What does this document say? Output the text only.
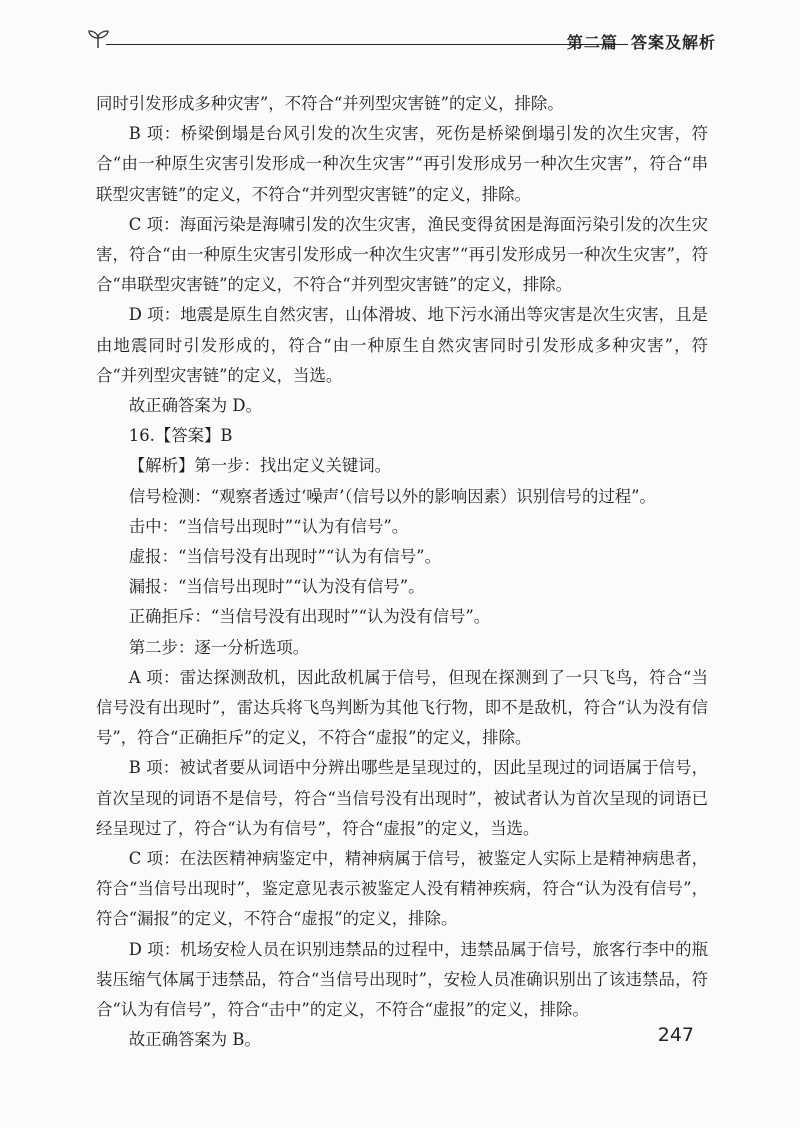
第二篇 答案及解析

同时引发形成多种灾害”，不符合“并列型灾害链”的定义，排除。

B 项：桥梁倒塌是台风引发的次生灾害，死伤是桥梁倒塌引发的次生灾害，符合“由一种原生灾害引发形成一种次生灾害”“再引发形成另一种次生灾害”，符合“串联型灾害链”的定义，不符合“并列型灾害链”的定义，排除。

C 项：海面污染是海啸引发的次生灾害，渔民变得贫困是海面污染引发的次生灾害，符合“由一种原生灾害引发形成一种次生灾害”“再引发形成另一种次生灾害”，符合“串联型灾害链”的定义，不符合“并列型灾害链”的定义，排除。

D 项：地震是原生自然灾害，山体滑坡、地下污水涌出等灾害是次生灾害，且是由地震同时引发形成的，符合“由一种原生自然灾害同时引发形成多种灾害”，符合“并列型灾害链”的定义，当选。

故正确答案为 D。

16.【答案】B

【解析】第一步：找出定义关键词。

信号检测：“观察者透过‘噪声’（信号以外的影响因素）识别信号的过程”。

击中：“当信号出现时”“认为有信号”。

虚报：“当信号没有出现时”“认为有信号”。

漏报：“当信号出现时”“认为没有信号”。

正确拒斥：“当信号没有出现时”“认为没有信号”。

第二步：逐一分析选项。

A 项：雷达探测敌机，因此敌机属于信号，但现在探测到了一只飞鸟，符合“当信号没有出现时”，雷达兵将飞鸟判断为其他飞行物，即不是敌机，符合“认为没有信号”，符合“正确拒斥”的定义，不符合“虚报”的定义，排除。

B 项：被试者要从词语中分辨出哪些是呈现过的，因此呈现过的词语属于信号，首次呈现的词语不是信号，符合“当信号没有出现时”，被试者认为首次呈现的词语已经呈现过了，符合“认为有信号”，符合“虚报”的定义，当选。

C 项：在法医精神病鉴定中，精神病属于信号，被鉴定人实际上是精神病患者，符合“当信号出现时”，鉴定意见表示被鉴定人没有精神疾病，符合“认为没有信号”，符合“漏报”的定义，不符合“虚报”的定义，排除。

D 项：机场安检人员在识别违禁品的过程中，违禁品属于信号，旅客行李中的瓶装压缩气体属于违禁品，符合“当信号出现时”，安检人员准确识别出了该违禁品，符合“认为有信号”，符合“击中”的定义，不符合“虚报”的定义，排除。

故正确答案为 B。	247
